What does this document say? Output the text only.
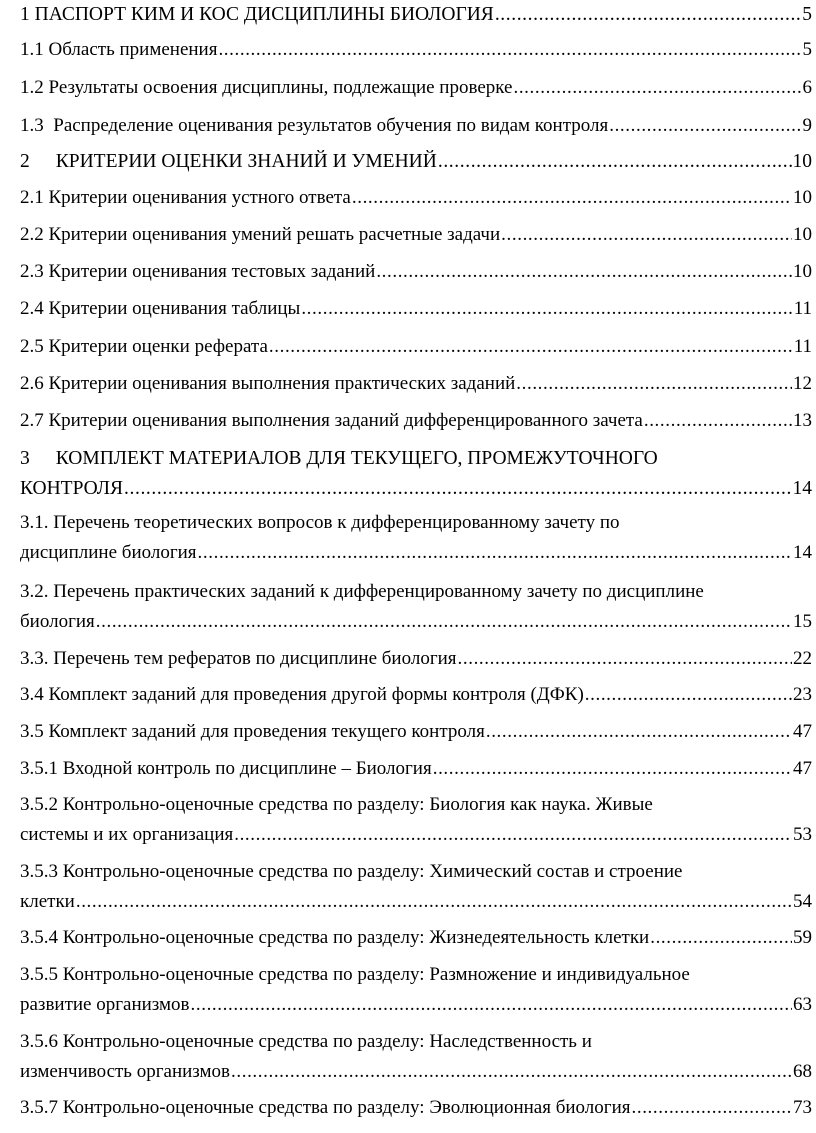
1 ПАСПОРТ КИМ И КОС ДИСЦИПЛИНЫ БИОЛОГИЯ .....	5
1.1 Область применения .....	5
1.2 Результаты освоения дисциплины, подлежащие проверке .....	6
1.3  Распределение оценивания результатов обучения по видам контроля .....	9
2 КРИТЕРИИ ОЦЕНКИ ЗНАНИЙ И УМЕНИЙ .....	10
2.1 Критерии оценивания устного ответа .....	10
2.2 Критерии оценивания умений решать расчетные задачи .....	10
2.3 Критерии оценивания тестовых заданий .....	10
2.4 Критерии оценивания таблицы .....	11
2.5 Критерии оценки реферата .....	11
2.6 Критерии оценивания выполнения практических заданий .....	12
2.7 Критерии оценивания выполнения заданий дифференцированного зачета .....	13
3 КОМПЛЕКТ МАТЕРИАЛОВ ДЛЯ ТЕКУЩЕГО, ПРОМЕЖУТОЧНОГО
КОНТРОЛЯ .....	14
3.1. Перечень теоретических вопросов к дифференцированному зачету по
дисциплине биология .....	14
3.2. Перечень практических заданий к дифференцированному зачету по дисциплине
биология .....	15
3.3. Перечень тем рефератов по дисциплине биология .....	22
3.4 Комплект заданий для проведения другой формы контроля (ДФК) .....	23
3.5 Комплект заданий для проведения текущего контроля .....	47
3.5.1 Входной контроль по дисциплине – Биология .....	47
3.5.2 Контрольно-оценочные средства по разделу: Биология как наука. Живые
системы и их организация .....	53
3.5.3 Контрольно-оценочные средства по разделу: Химический состав и строение
клетки .....	54
3.5.4 Контрольно-оценочные средства по разделу: Жизнедеятельность клетки .....	59
3.5.5 Контрольно-оценочные средства по разделу: Размножение и индивидуальное
развитие организмов .....	63
3.5.6 Контрольно-оценочные средства по разделу: Наследственность и
изменчивость организмов .....	68
3.5.7 Контрольно-оценочные средства по разделу: Эволюционная биология .....	73
